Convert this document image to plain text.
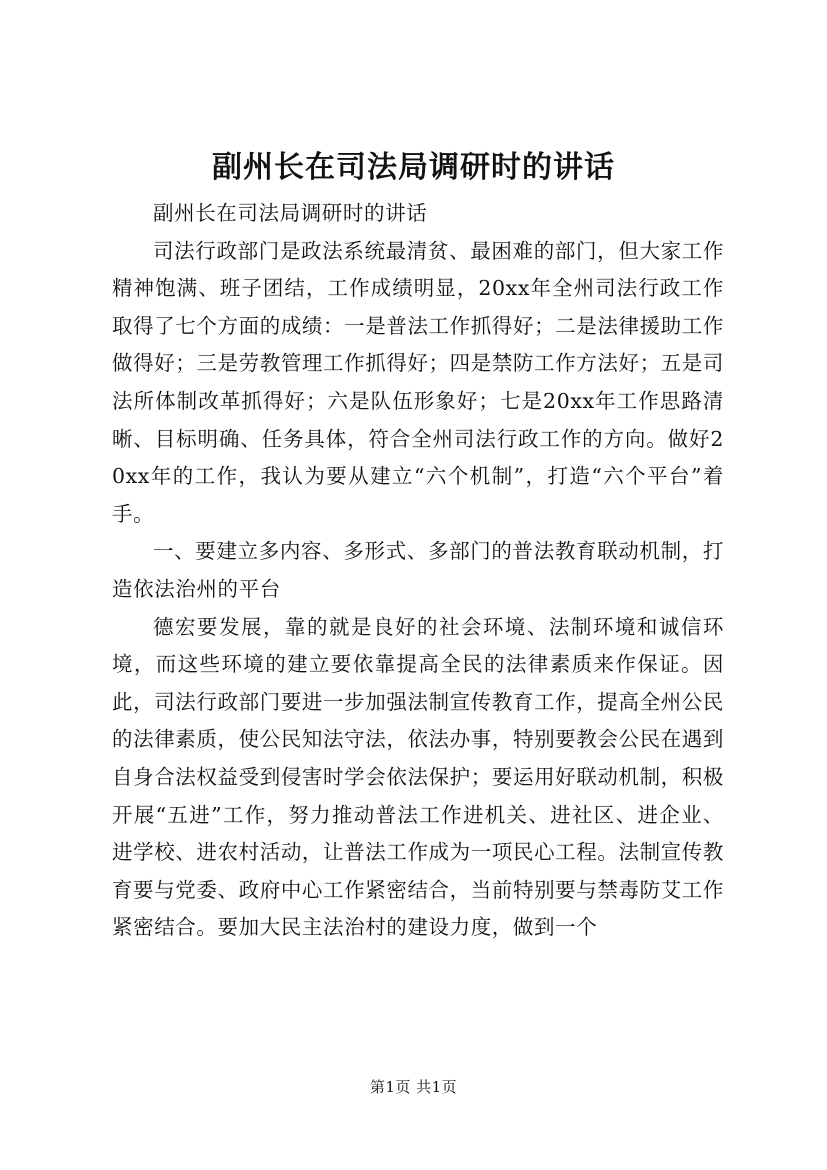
副州长在司法局调研时的讲话

副州长在司法局调研时的讲话

司法行政部门是政法系统最清贫、最困难的部门，但大家工作精神饱满、班子团结，工作成绩明显，20xx年全州司法行政工作取得了七个方面的成绩：一是普法工作抓得好；二是法律援助工作做得好；三是劳教管理工作抓得好；四是禁防工作方法好；五是司法所体制改革抓得好；六是队伍形象好；七是20xx年工作思路清晰、目标明确、任务具体，符合全州司法行政工作的方向。做好20xx年的工作，我认为要从建立“六个机制”，打造“六个平台”着手。

一、要建立多内容、多形式、多部门的普法教育联动机制，打造依法治州的平台

德宏要发展，靠的就是良好的社会环境、法制环境和诚信环境，而这些环境的建立要依靠提高全民的法律素质来作保证。因此，司法行政部门要进一步加强法制宣传教育工作，提高全州公民的法律素质，使公民知法守法，依法办事，特别要教会公民在遇到自身合法权益受到侵害时学会依法保护；要运用好联动机制，积极开展“五进”工作，努力推动普法工作进机关、进社区、进企业、进学校、进农村活动，让普法工作成为一项民心工程。法制宣传教育要与党委、政府中心工作紧密结合，当前特别要与禁毒防艾工作紧密结合。要加大民主法治村的建设力度，做到一个

第1页 共1页
